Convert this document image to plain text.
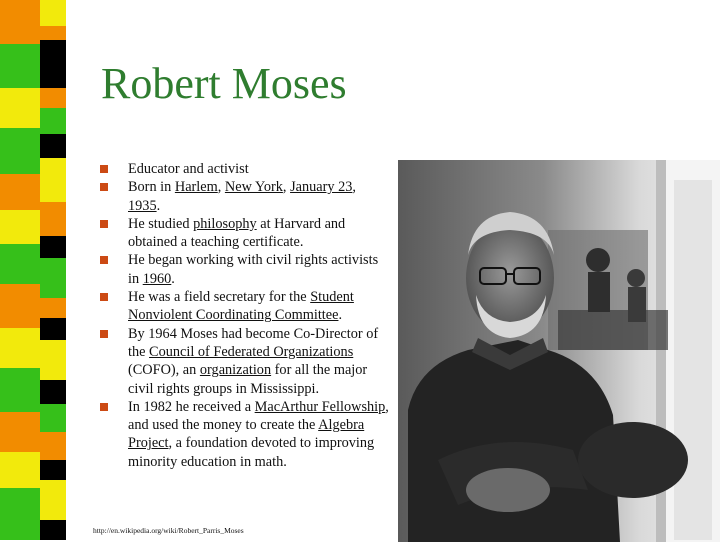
Robert Moses
Educator and activist
Born in Harlem, New York, January 23, 1935.
He studied philosophy at Harvard and obtained a teaching certificate.
He began working with civil rights activists in 1960.
He was a field secretary for the Student Nonviolent Coordinating Committee.
By 1964 Moses had become Co-Director of the Council of Federated Organizations (COFO), an organization for all the major civil rights groups in Mississippi.
In 1982 he received a MacArthur Fellowship, and used the money to create the Algebra Project, a foundation devoted to improving minority education in math.
http://en.wikipedia.org/wiki/Robert_Parris_Moses
